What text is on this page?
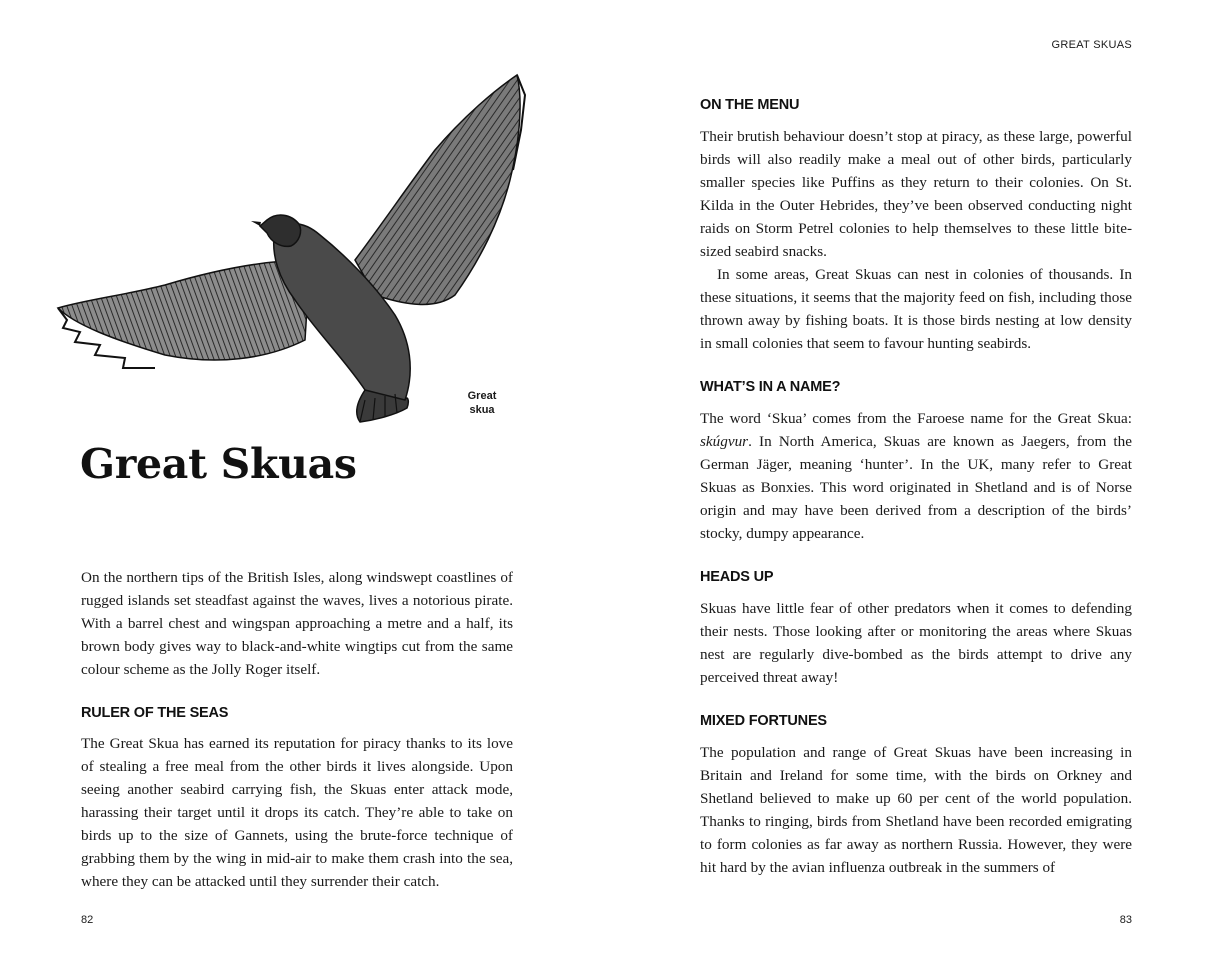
Great
skua
Great Skuas

On the northern tips of the British Isles, along windswept coastlines of rugged islands set steadfast against the waves, lives a notorious pirate. With a barrel chest and wingspan approaching a metre and a half, its brown body gives way to black-and-white wingtips cut from the same colour scheme as the Jolly Roger itself.

RULER OF THE SEAS

The Great Skua has earned its reputation for piracy thanks to its love of stealing a free meal from the other birds it lives alongside. Upon seeing another seabird carrying fish, the Skuas enter attack mode, harassing their target until it drops its catch. They’re able to take on birds up to the size of Gannets, using the brute-force technique of grabbing them by the wing in mid-air to make them crash into the sea, where they can be attacked until they surrender their catch.

82
GREAT SKUAS
ON THE MENU

Their brutish behaviour doesn’t stop at piracy, as these large, powerful birds will also readily make a meal out of other birds, particularly smaller species like Puffins as they return to their colonies. On St. Kilda in the Outer Hebrides, they’ve been observed conducting night raids on Storm Petrel colonies to help themselves to these little bite-sized seabird snacks.

In some areas, Great Skuas can nest in colonies of thousands. In these situations, it seems that the majority feed on fish, including those thrown away by fishing boats. It is those birds nesting at low density in small colonies that seem to favour hunting seabirds.

WHAT’S IN A NAME?

The word ‘Skua’ comes from the Faroese name for the Great Skua: skúgvur. In North America, Skuas are known as Jaegers, from the German Jäger, meaning ‘hunter’. In the UK, many refer to Great Skuas as Bonxies. This word originated in Shetland and is of Norse origin and may have been derived from a description of the birds’ stocky, dumpy appearance.

HEADS UP

Skuas have little fear of other predators when it comes to defending their nests. Those looking after or monitoring the areas where Skuas nest are regularly dive-bombed as the birds attempt to drive any perceived threat away!

MIXED FORTUNES

The population and range of Great Skuas have been increasing in Britain and Ireland for some time, with the birds on Orkney and Shetland believed to make up 60 per cent of the world population. Thanks to ringing, birds from Shetland have been recorded emigrating to form colonies as far away as northern Russia. However, they were hit hard by the avian influenza outbreak in the summers of

83
